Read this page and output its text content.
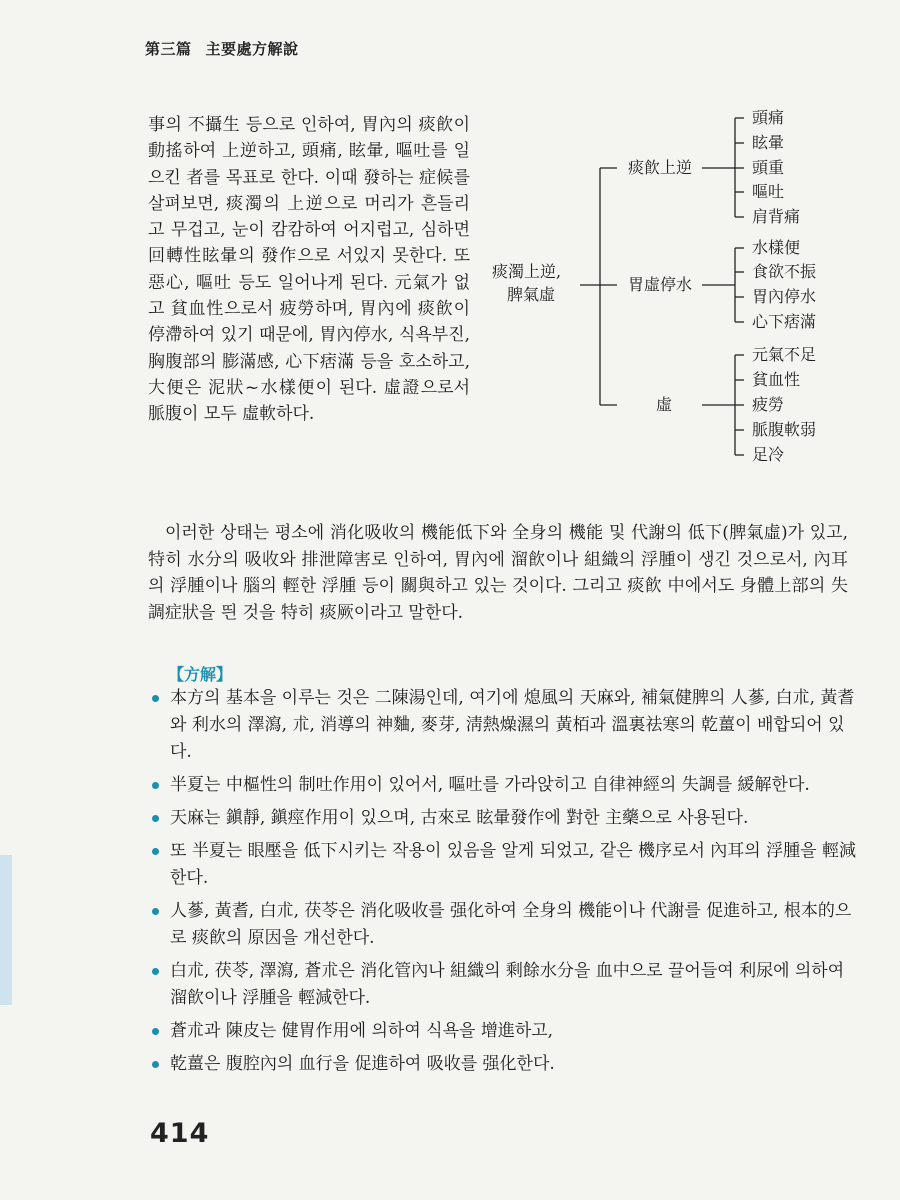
第三篇 主要處方解說
事의 不攝生 등으로 인하여, 胃內의 痰飮이 動搖하여 上逆하고, 頭痛, 眩暈, 嘔吐를 일으킨 者를 목표로 한다. 이때 發하는 症候를 살펴보면, 痰濁의 上逆으로 머리가 흔들리고 무겁고, 눈이 캄캄하여 어지럽고, 심하면 回轉性眩暈의 發作으로 서있지 못한다. 또 惡心, 嘔吐 등도 일어나게 된다. 元氣가 없고 貧血性으로서 疲勞하며, 胃內에 痰飮이 停滯하여 있기 때문에, 胃內停水, 식욕부진, 胸腹部의 膨滿感, 心下痞滿 등을 호소하고, 大便은 泥狀~水樣便이 된다. 虛證으로서 脈腹이 모두 虛軟하다.
痰濁上逆,
脾氣虛
痰飮上逆
胃虛停水
虛
頭痛
眩暈
頭重
嘔吐
肩背痛
水樣便
食欲不振
胃內停水
心下痞滿
元氣不足
貧血性
疲勞
脈腹軟弱
足冷
이러한 상태는 평소에 消化吸收의 機能低下와 全身의 機能 및 代謝의 低下(脾氣虛)가 있고, 特히 水分의 吸收와 排泄障害로 인하여, 胃內에 溜飮이나 組織의 浮腫이 생긴 것으로서, 內耳의 浮腫이나 腦의 輕한 浮腫 등이 關與하고 있는 것이다. 그리고 痰飮 中에서도 身體上部의 失調症狀을 띈 것을 特히 痰厥이라고 말한다.
【方解】
本方의 基本을 이루는 것은 二陳湯인데, 여기에 熄風의 天麻와, 補氣健脾의 人蔘, 白朮, 黃耆와 利水의 澤瀉, 朮, 消導의 神麯, 麥芽, 淸熱燥濕의 黃栢과 溫裏祛寒의 乾薑이 배합되어 있다.
半夏는 中樞性의 制吐作用이 있어서, 嘔吐를 가라앉히고 自律神經의 失調를 緩解한다.
天麻는 鎭靜, 鎭痙作用이 있으며, 古來로 眩暈發作에 對한 主藥으로 사용된다.
또 半夏는 眼壓을 低下시키는 작용이 있음을 알게 되었고, 같은 機序로서 內耳의 浮腫을 輕減한다.
人蔘, 黃耆, 白朮, 茯苓은 消化吸收를 强化하여 全身의 機能이나 代謝를 促進하고, 根本的으로 痰飮의 原因을 개선한다.
白朮, 茯苓, 澤瀉, 蒼朮은 消化管內나 組織의 剩餘水分을 血中으로 끌어들여 利尿에 의하여 溜飮이나 浮腫을 輕減한다.
蒼朮과 陳皮는 健胃作用에 의하여 식욕을 增進하고,
乾薑은 腹腔內의 血行을 促進하여 吸收를 强化한다.
414
